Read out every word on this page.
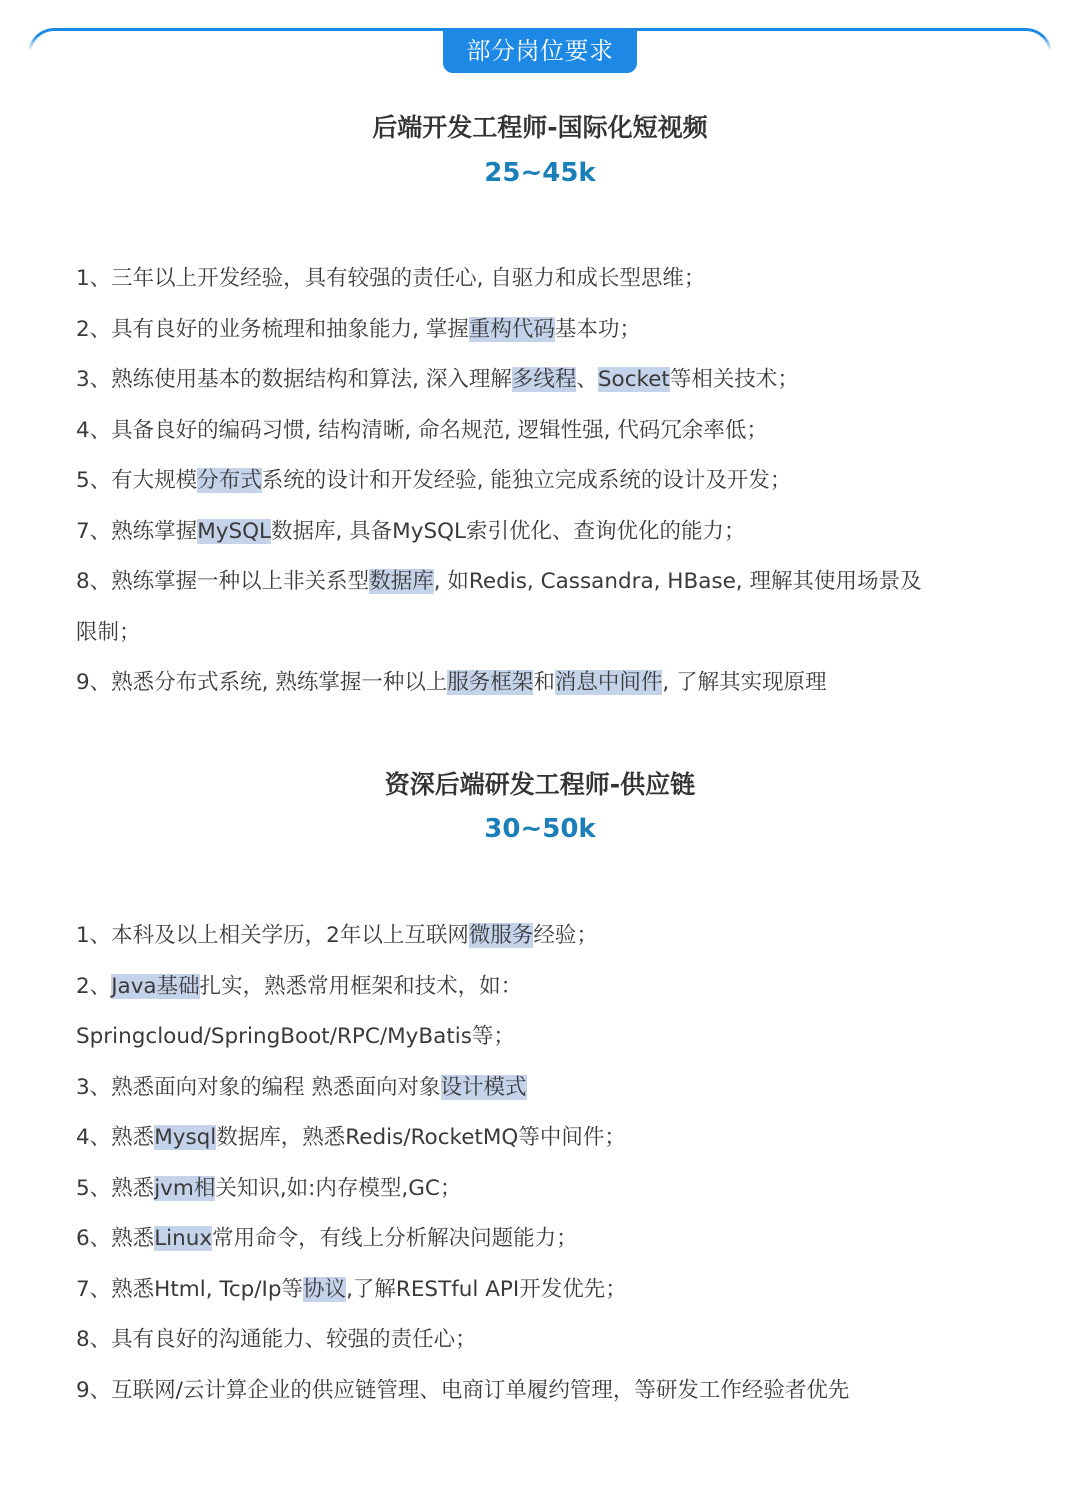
部分岗位要求
后端开发工程师-国际化短视频
25~45k
1、三年以上开发经验，具有较强的责任心, 自驱力和成长型思维；
2、具有良好的业务梳理和抽象能力, 掌握重构代码基本功；
3、熟练使用基本的数据结构和算法, 深入理解多线程、Socket等相关技术；
4、具备良好的编码习惯, 结构清晰, 命名规范, 逻辑性强, 代码冗余率低；
5、有大规模分布式系统的设计和开发经验, 能独立完成系统的设计及开发；
7、熟练掌握MySQL数据库, 具备MySQL索引优化、查询优化的能力；
8、熟练掌握一种以上非关系型数据库, 如Redis, Cassandra, HBase, 理解其使用场景及
限制；
9、熟悉分布式系统, 熟练掌握一种以上服务框架和消息中间件, 了解其实现原理
资深后端研发工程师-供应链
30~50k
1、本科及以上相关学历，2年以上互联网微服务经验；
2、Java基础扎实，熟悉常用框架和技术，如：
Springcloud/SpringBoot/RPC/MyBatis等；
3、熟悉面向对象的编程 熟悉面向对象设计模式
4、熟悉Mysql数据库，熟悉Redis/RocketMQ等中间件；
5、熟悉jvm相关知识,如:内存模型,GC；
6、熟悉Linux常用命令，有线上分析解决问题能力；
7、熟悉Html, Tcp/Ip等协议,了解RESTful API开发优先；
8、具有良好的沟通能力、较强的责任心；
9、互联网/云计算企业的供应链管理、电商订单履约管理，等研发工作经验者优先
